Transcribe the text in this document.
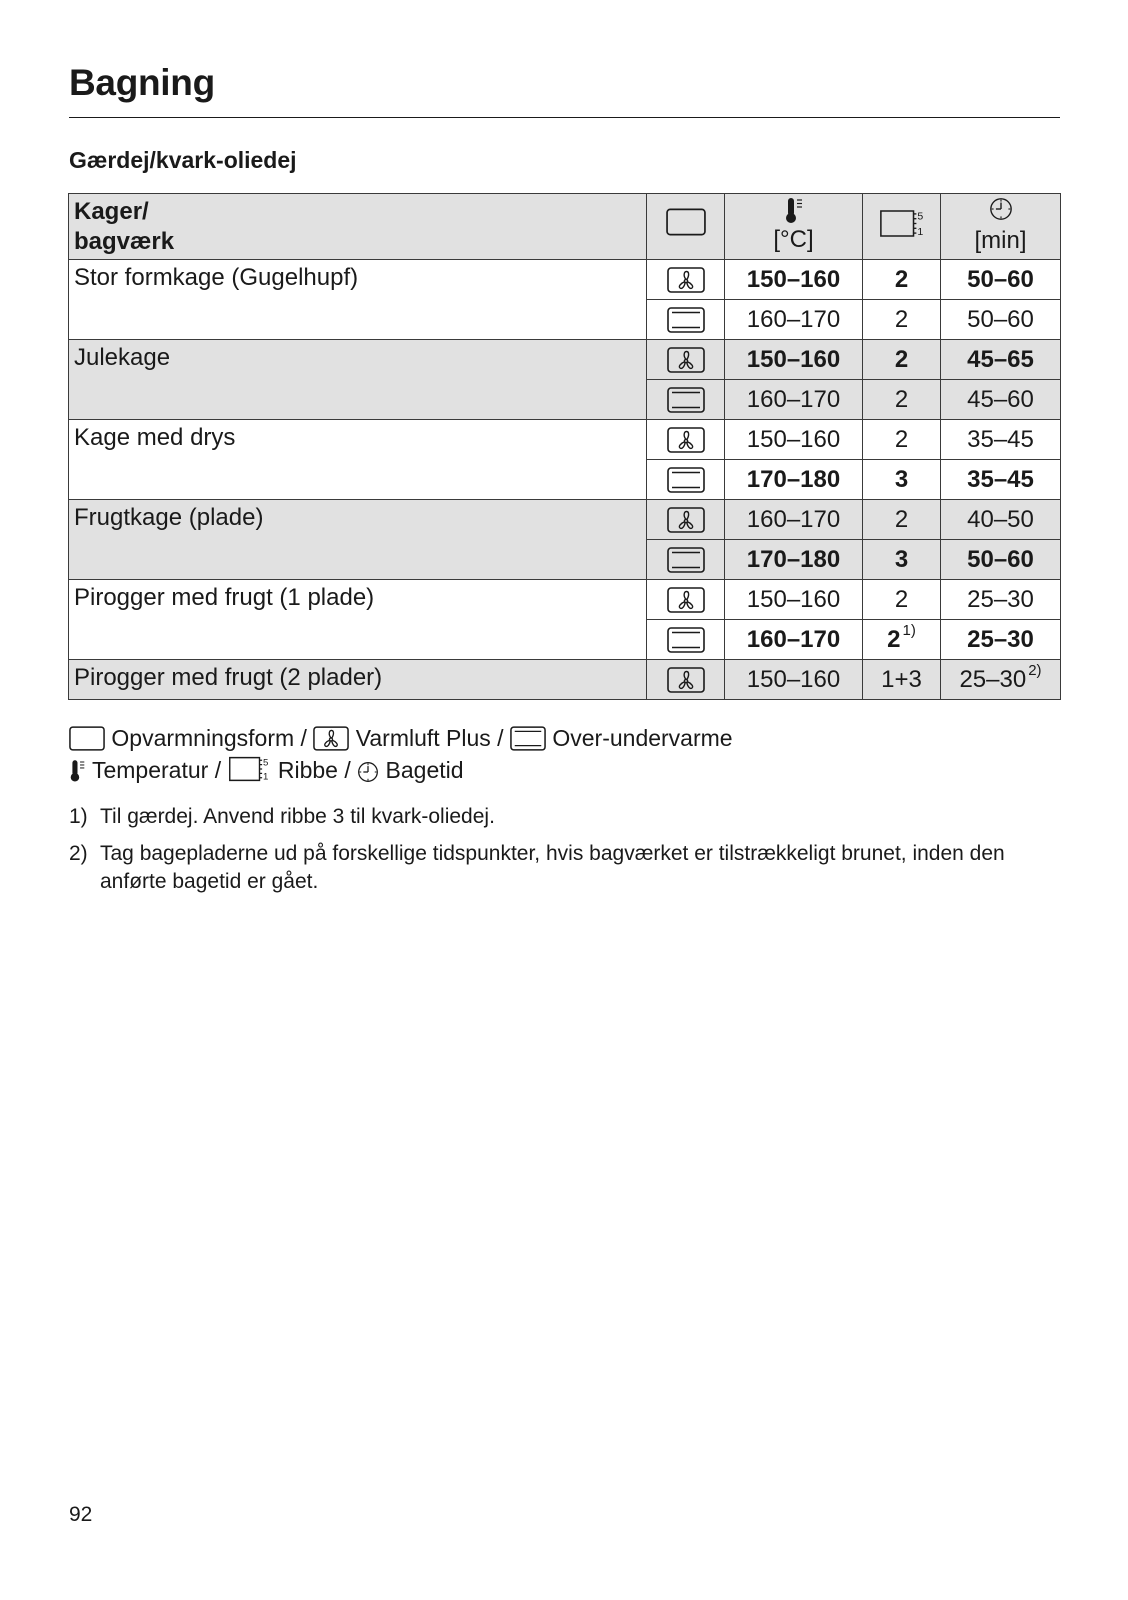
Bagning
Gærdej/kvark-oliedej
Kager/
bagværk		[°C]		[min]

Stor formkage (Gugelhupf)		150–160	2	50–60
	160–170	2	50–60
Julekage		150–160	2	45–65
	160–170	2	45–60
Kage med drys		150–160	2	35–45
	170–180	3	35–45
Frugtkage (plade)		160–170	2	40–50
	170–180	3	50–60
Pirogger med frugt (1 plade)		150–160	2	25–30
	160–170	2 $^{1)}$	25–30
Pirogger med frugt (2 plader)		150–160	1+3	25–30 $^{2)}$
Opvarmningsform / Varmluft Plus / Over-undervarme
Temperatur / Ribbe / Bagetid
1) Til gærdej. Anvend ribbe 3 til kvark-oliedej.
2) Tag bagepladerne ud på forskellige tidspunkter, hvis bagværket er tilstrækkeligt brunet, inden den anførte bagetid er gået.
92
